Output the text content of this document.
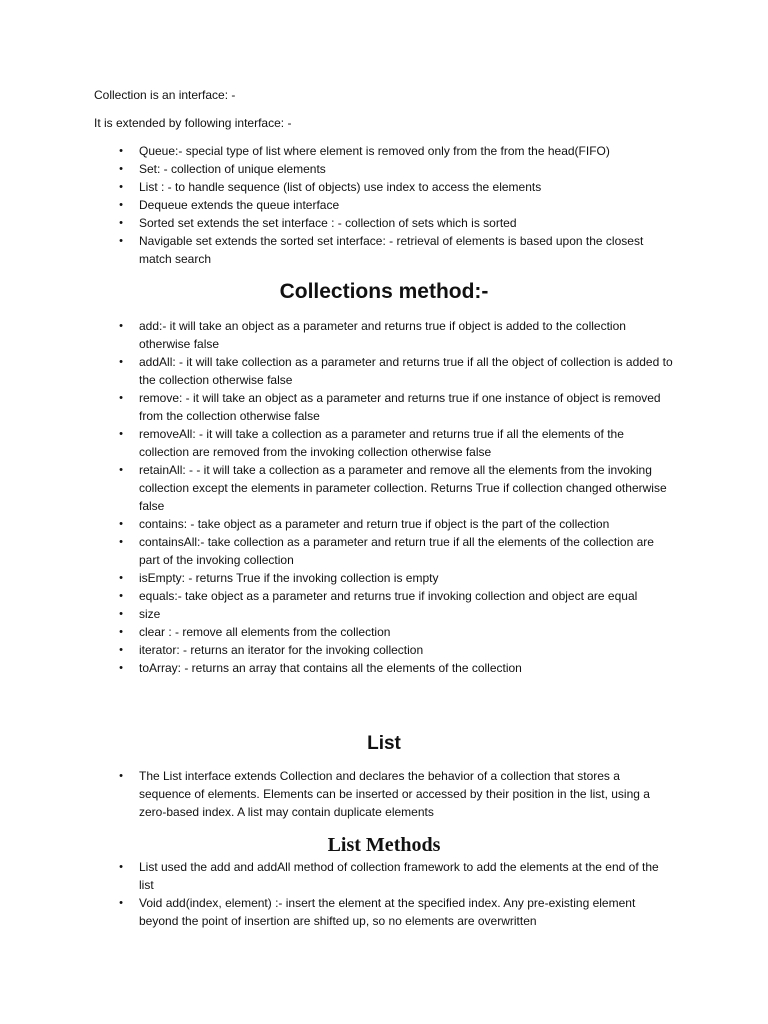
Collection is an interface: -

It is extended by following interface: -

• Queue:- special type of list where element is removed only from the from the head(FIFO)
• Set: - collection of unique elements
• List : - to handle sequence (list of objects) use index to access the elements
• Dequeue extends the queue interface
• Sorted set extends the set interface : - collection of sets which is sorted
• Navigable set extends the sorted set interface: - retrieval of elements is based upon the closest match search
Collections method:-
• add:- it will take an object as a parameter and returns true if object is added to the collection otherwise false
• addAll: - it will take collection as a parameter and returns true if all the object of collection is added to the collection otherwise false
• remove: - it will take an object as a parameter and returns true if one instance of object is removed from the collection otherwise false
• removeAll: - it will take a collection as a parameter and returns true if all the elements of the collection are removed from the invoking collection otherwise false
• retainAll: - - it will take a collection as a parameter and remove all the elements from the invoking collection except the elements in parameter collection. Returns True if collection changed otherwise false
• contains: - take object as a parameter and return true if object is the part of the collection
• containsAll:- take collection as a parameter and return true if all the elements of the collection are part of the invoking collection
• isEmpty: - returns True if the invoking collection is empty
• equals:- take object as a parameter and returns true if invoking collection and object are equal
• size
• clear : - remove all elements from the collection
• iterator: - returns an iterator for the invoking collection
• toArray: - returns an array that contains all the elements of the collection
List
• The List interface extends Collection and declares the behavior of a collection that stores a sequence of elements. Elements can be inserted or accessed by their position in the list, using a zero-based index. A list may contain duplicate elements
List Methods
• List used the add and addAll method of collection framework to add the elements at the end of the list
• Void add(index, element) :- insert the element at the specified index. Any pre-existing element beyond the point of insertion are shifted up, so no elements are overwritten
